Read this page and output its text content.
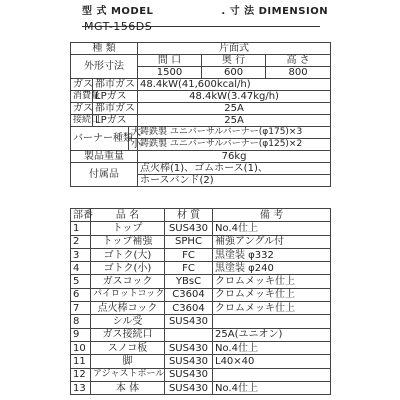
型 式 MODEL	. 寸 法 DIMENSION
MGT-156DS
種 類			片面式		
外形寸法			間 口	奥 行	高 さ
			1500	600	800
ガス	都市ガス		48.4kW(41,600kcal/h)		
消費量	LPガス		48.4kW(3.47kg/h)		
ガス	都市ガス		25A		
接続口	LPガス		25A		
バーナー種類		大	鋳鉄製 ユニバーサルバーナー(φ175)×3		
		小	鋳鉄製 ユニバーサルバーナー(φ125)×2		
製品重量			76kg		
付属品			点火棒(1)、ゴムホース(1)、		
			ホースバンド(2)		
部番	品 名	材 質	備 考
1	トップ	SUS430	No.4仕上
2	トップ補強	SPHC	補強アングル付
3	ゴトク(大)	FC	黒塗装 φ332
4	ゴトク(小)	FC	黒塗装 φ240
5	ガスコック	YBsC	クロムメッキ仕上
6	パイロットコック	C3604	クロムメッキ仕上
7	点火棒コック	C3604	クロムメッキ仕上
8	シル受	SUS430	
9	ガス接続口		25A(ユニオン)
10	スノコ板	SUS430	No.4仕上
11	脚	SUS430	L40×40
12	アジャストボール	SUS430	
13	本 体	SUS430	No.4仕上
